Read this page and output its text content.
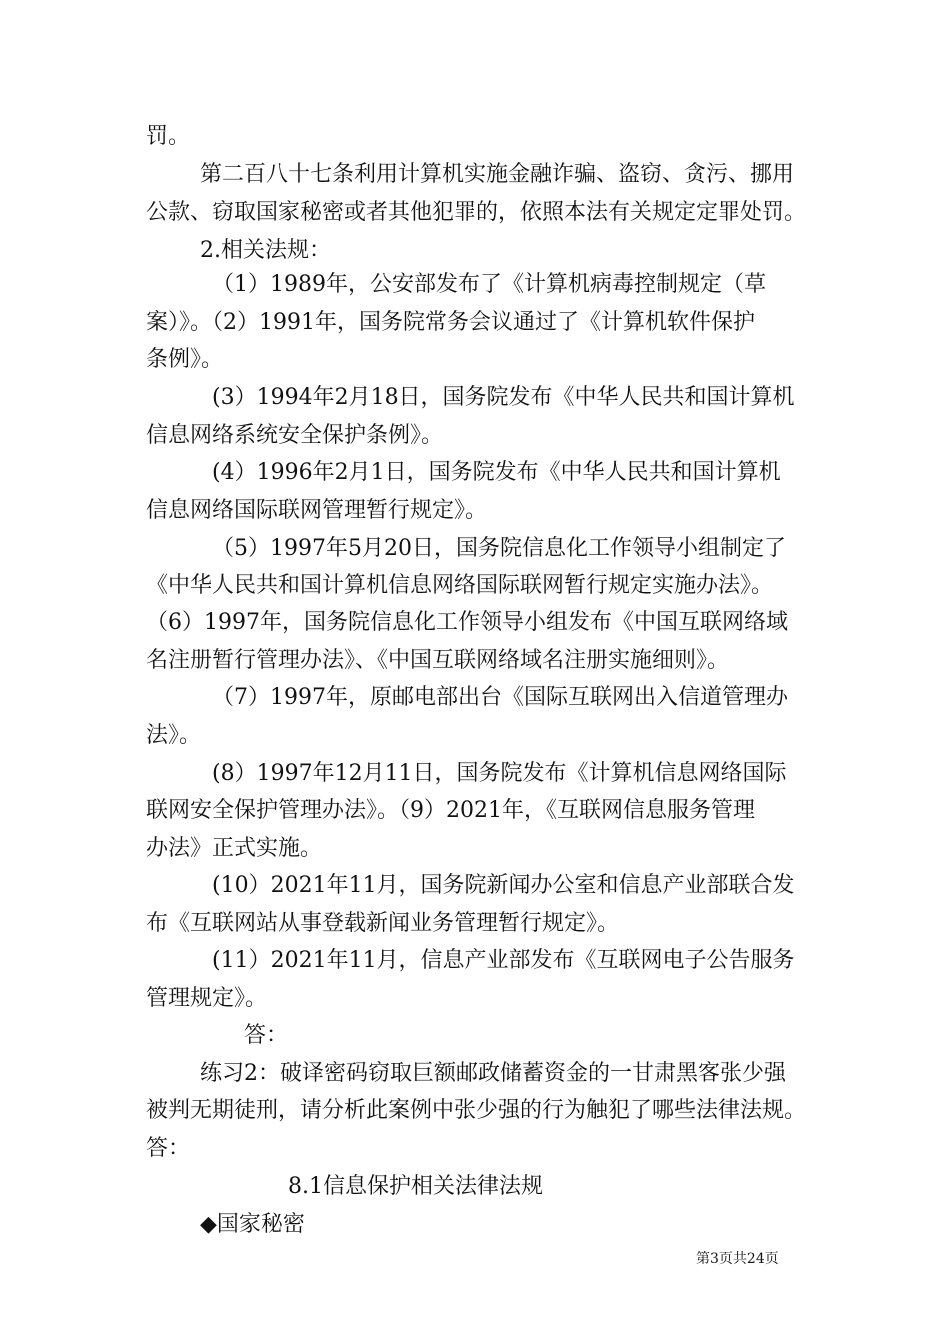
罚。
第二百八十七条利用计算机实施金融诈骗、盗窃、贪污、挪用
公款、窃取国家秘密或者其他犯罪的，依照本法有关规定定罪处罚。
2.相关法规：
（1）1989年，公安部发布了《计算机病毒控制规定（草
案）》。（2）1991年，国务院常务会议通过了《计算机软件保护
条例》。
(3）1994年2月18日，国务院发布《中华人民共和国计算机
信息网络系统安全保护条例》。
(4）1996年2月1日，国务院发布《中华人民共和国计算机
信息网络国际联网管理暂行规定》。
（5）1997年5月20日，国务院信息化工作领导小组制定了
《中华人民共和国计算机信息网络国际联网暂行规定实施办法》。
（6）1997年，国务院信息化工作领导小组发布《中国互联网络域
名注册暂行管理办法》、《中国互联网络域名注册实施细则》。
（7）1997年，原邮电部出台《国际互联网出入信道管理办
法》。
(8）1997年12月11日，国务院发布《计算机信息网络国际
联网安全保护管理办法》。（9）2021年，《互联网信息服务管理
办法》正式实施。
(10）2021年11月，国务院新闻办公室和信息产业部联合发
布《互联网站从事登载新闻业务管理暂行规定》。
(11）2021年11月，信息产业部发布《互联网电子公告服务
管理规定》。
答：
练习2：破译密码窃取巨额邮政储蓄资金的一甘肃黑客张少强
被判无期徒刑，请分析此案例中张少强的行为触犯了哪些法律法规。
答：
8.1信息保护相关法律法规
◆国家秘密
第3页共24页
